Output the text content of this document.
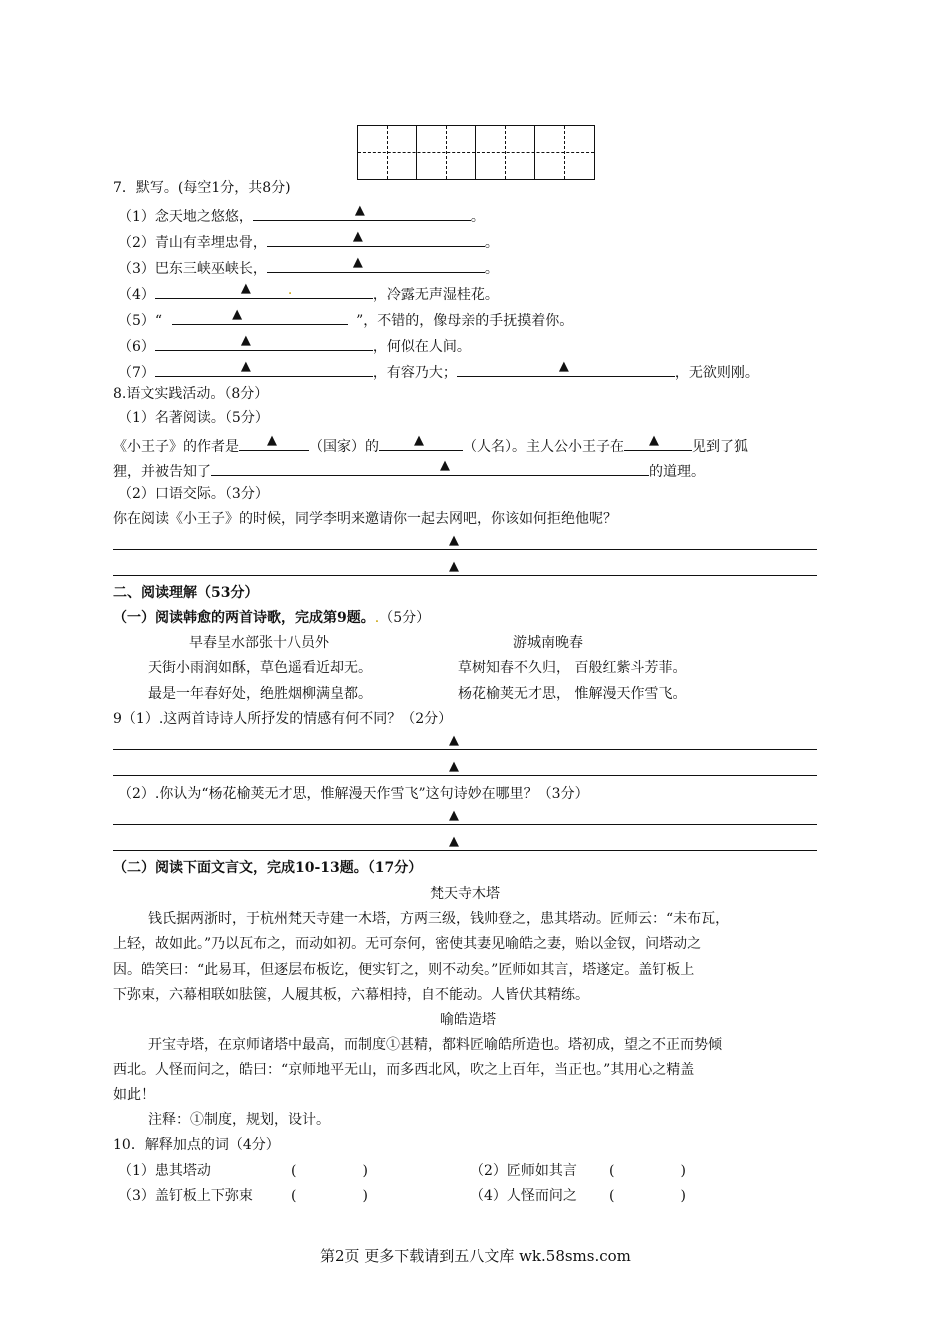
7．默写。(每空1分，共8分)
（1）念天地之悠悠，	▲	。
（2）青山有幸埋忠骨，	▲	。
（3）巴东三峡巫峡长，	▲	。
（4）	▲	.	，冷露无声湿桂花。
（5）“	▲	”，不错的，像母亲的手抚摸着你。
（6）	▲	，何似在人间。
（7）	▲	，有容乃大；	▲	，无欲则刚。
8.语文实践活动。（8分）
（1）名著阅读。（5分）
《小王子》的作者是 ▲ （国家）的	▲	（人名）。主人公小王子在 ▲ 见到了狐
狸，并被告知了	▲	的道理。
（2）口语交际。（3分）
你在阅读《小王子》的时候，同学李明来邀请你一起去网吧，你该如何拒绝他呢？
▲
▲
二、阅读理解（53分）
（一）阅读韩愈的两首诗歌，完成第9题。.（5分）
早春呈水部张十八员外	游城南晚春
天街小雨润如酥，草色遥看近却无。	草树知春不久归， 百般红紫斗芳菲。
最是一年春好处，绝胜烟柳满皇都。	杨花榆荚无才思， 惟解漫天作雪飞。
9（1）.这两首诗诗人所抒发的情感有何不同？（2分）
▲
▲
（2）.你认为“杨花榆荚无才思，惟解漫天作雪飞”这句诗妙在哪里？（3分）
▲
▲
（二）阅读下面文言文，完成10-13题。（17分）
梵天寺木塔
钱氏据两浙时，于杭州梵天寺建一木塔，方两三级，钱帅登之，患其塔动。匠师云：“未布瓦，
上轻，故如此。”乃以瓦布之，而动如初。无可奈何，密使其妻见喻皓之妻，贻以金钗，问塔动之
因。皓笑曰：“此易耳，但逐层布板讫，便实钉之，则不动矣。”匠师如其言，塔遂定。盖钉板上
下弥束，六幕相联如胠箧，人履其板，六幕相持，自不能动。人皆伏其精练。
喻皓造塔
开宝寺塔，在京师诸塔中最高，而制度①甚精，都料匠喻皓所造也。塔初成，望之不正而势倾
西北。人怪而问之，皓曰：“京师地平无山，而多西北风，吹之上百年，当正也。”其用心之精盖
如此！
注释：①制度，规划，设计。
10．解释加点的词（4分）
（1）患其塔动	(	)	（2）匠师如其言 (	)
（3）盖钉板上下弥束	(	)	（4）人怪而问之 (	)
第2页 更多下载请到五八文库 wk.58sms.com
